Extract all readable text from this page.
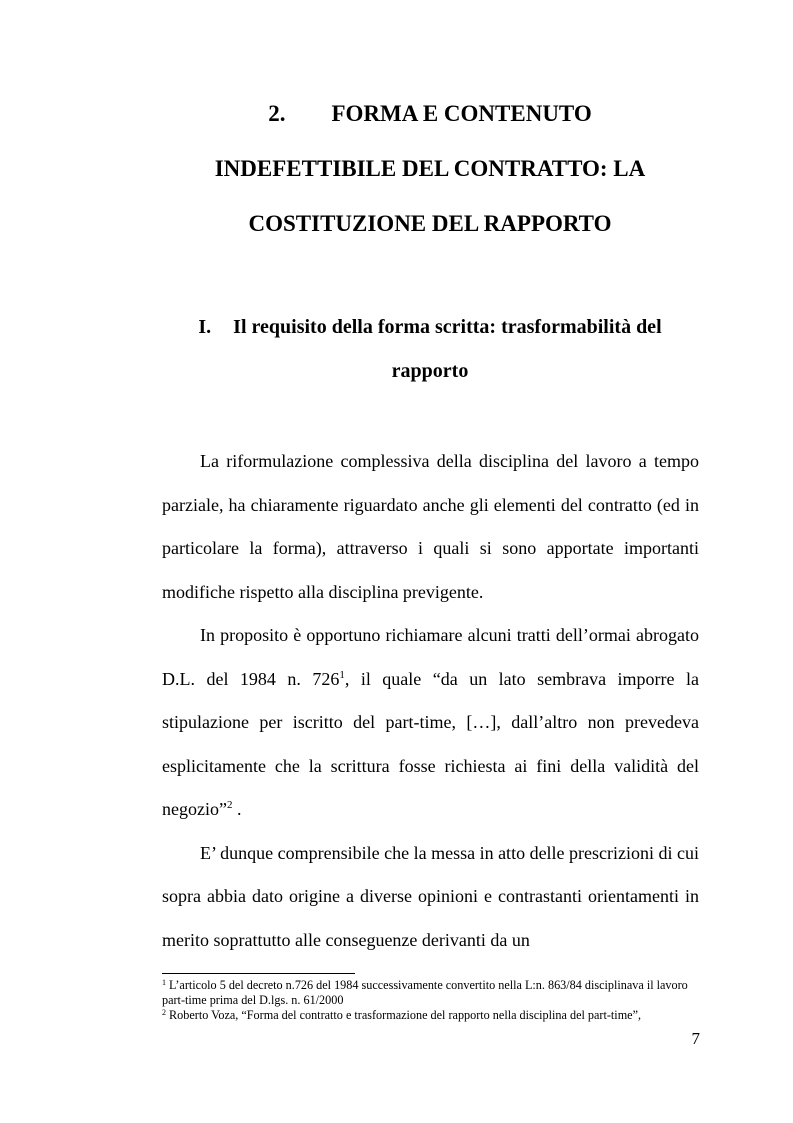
2. FORMA E CONTENUTO
INDEFETTIBILE DEL CONTRATTO: LA
COSTITUZIONE DEL RAPPORTO
I. Il requisito della forma scritta: trasformabilità del
rapporto

La riformulazione complessiva della disciplina del lavoro a tempo parziale, ha chiaramente riguardato anche gli elementi del contratto (ed in particolare la forma), attraverso i quali si sono apportate importanti modifiche rispetto alla disciplina previgente.

In proposito è opportuno richiamare alcuni tratti dell’ormai abrogato D.L. del 1984 n. $726^1$, il quale “da un lato sembrava imporre la stipulazione per iscritto del part-time, […], dall’altro non prevedeva esplicitamente che la scrittura fosse richiesta ai fini della validità del negozio”$^2$ .

E’ dunque comprensibile che la messa in atto delle prescrizioni di cui sopra abbia dato origine a diverse opinioni e contrastanti orientamenti in merito soprattutto alle conseguenze derivanti da un

$^1$ L’articolo 5 del decreto n.726 del 1984 successivamente convertito nella L:n. 863/84 disciplinava il lavoro part-time prima del D.lgs. n. 61/2000

$^2$ Roberto Voza, “Forma del contratto e trasformazione del rapporto nella disciplina del part-time”,

7
